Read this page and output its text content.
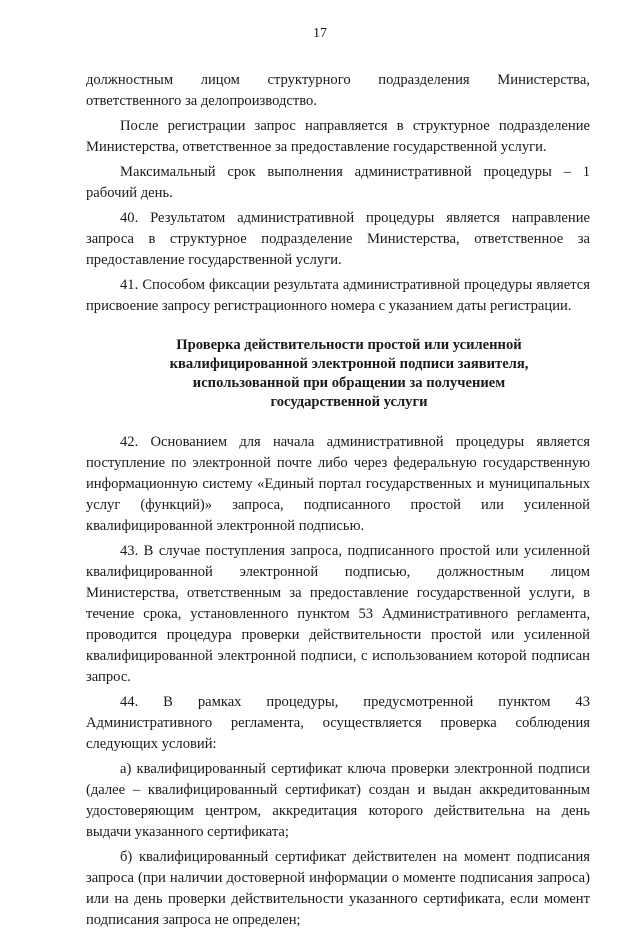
17

должностным лицом структурного подразделения Министерства, ответственного за делопроизводство.

После регистрации запрос направляется в структурное подразделение Министерства, ответственное за предоставление государственной услуги.

Максимальный срок выполнения административной процедуры – 1 рабочий день.

40. Результатом административной процедуры является направление запроса в структурное подразделение Министерства, ответственное за предоставление государственной услуги.

41. Способом фиксации результата административной процедуры является присвоение запросу регистрационного номера с указанием даты регистрации.

Проверка действительности простой или усиленной
квалифицированной электронной подписи заявителя,
использованной при обращении за получением
государственной услуги

42. Основанием для начала административной процедуры является поступление по электронной почте либо через федеральную государственную информационную систему «Единый портал государственных и муниципальных услуг (функций)» запроса, подписанного простой или усиленной квалифицированной электронной подписью.

43. В случае поступления запроса, подписанного простой или усиленной квалифицированной электронной подписью, должностным лицом Министерства, ответственным за предоставление государственной услуги, в течение срока, установленного пунктом 53 Административного регламента, проводится процедура проверки действительности простой или усиленной квалифицированной электронной подписи, с использованием которой подписан запрос.

44. В рамках процедуры, предусмотренной пунктом 43 Административного регламента, осуществляется проверка соблюдения следующих условий:

а) квалифицированный сертификат ключа проверки электронной подписи (далее – квалифицированный сертификат) создан и выдан аккредитованным удостоверяющим центром, аккредитация которого действительна на день выдачи указанного сертификата;

б) квалифицированный сертификат действителен на момент подписания запроса (при наличии достоверной информации о моменте подписания запроса) или на день проверки действительности указанного сертификата, если момент подписания запроса не определен;
